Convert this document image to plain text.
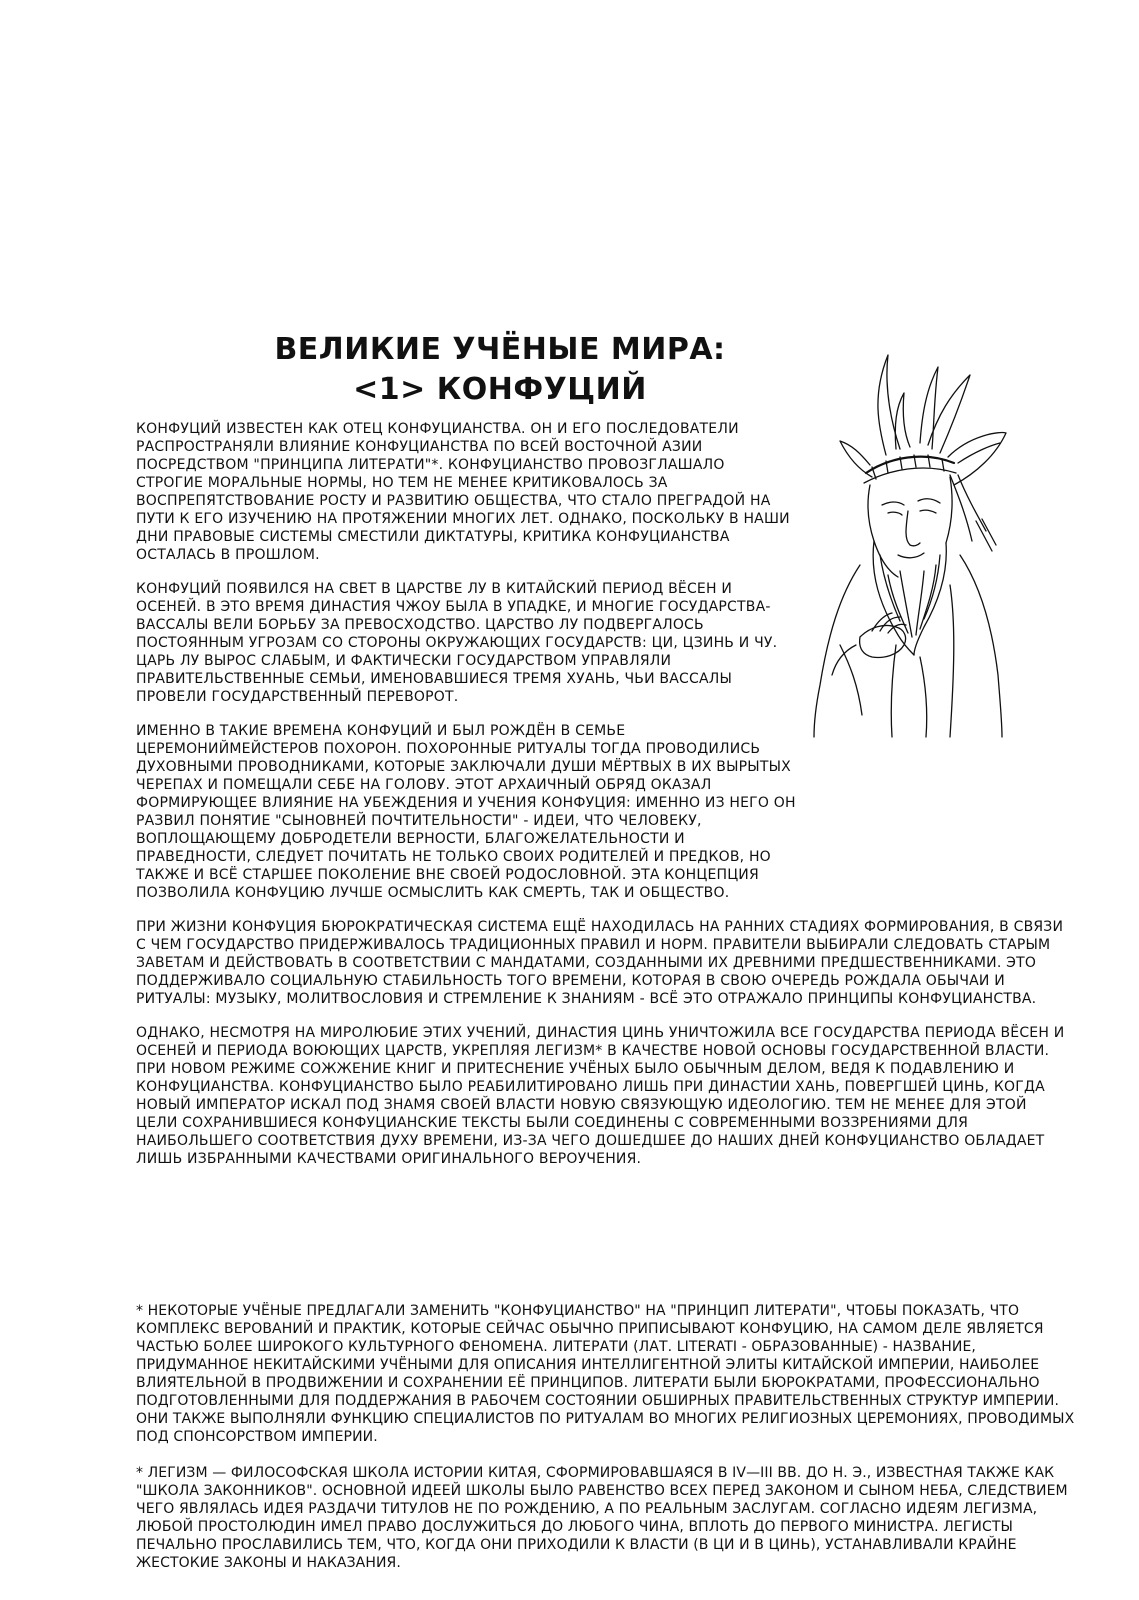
ВЕЛИКИЕ УЧЁНЫЕ МИРА:
<1> КОНФУЦИЙ

КОНФУЦИЙ ИЗВЕСТЕН КАК ОТЕЦ КОНФУЦИАНСТВА. ОН И ЕГО ПОСЛЕДОВАТЕЛИ РАСПРОСТРАНЯЛИ ВЛИЯНИЕ КОНФУЦИАНСТВА ПО ВСЕЙ ВОСТОЧНОЙ АЗИИ ПОСРЕДСТВОМ "ПРИНЦИПА ЛИТЕРАТИ"*. КОНФУЦИАНСТВО ПРОВОЗГЛАШАЛО СТРОГИЕ МОРАЛЬНЫЕ НОРМЫ, НО ТЕМ НЕ МЕНЕЕ КРИТИКОВАЛОСЬ ЗА ВОСПРЕПЯТСТВОВАНИЕ РОСТУ И РАЗВИТИЮ ОБЩЕСТВА, ЧТО СТАЛО ПРЕГРАДОЙ НА ПУТИ К ЕГО ИЗУЧЕНИЮ НА ПРОТЯЖЕНИИ МНОГИХ ЛЕТ. ОДНАКО, ПОСКОЛЬКУ В НАШИ ДНИ ПРАВОВЫЕ СИСТЕМЫ СМЕСТИЛИ ДИКТАТУРЫ, КРИТИКА КОНФУЦИАНСТВА ОСТАЛАСЬ В ПРОШЛОМ.

КОНФУЦИЙ ПОЯВИЛСЯ НА СВЕТ В ЦАРСТВЕ ЛУ В КИТАЙСКИЙ ПЕРИОД ВЁСЕН И ОСЕНЕЙ. В ЭТО ВРЕМЯ ДИНАСТИЯ ЧЖОУ БЫЛА В УПАДКЕ, И МНОГИЕ ГОСУДАРСТВА-ВАССАЛЫ ВЕЛИ БОРЬБУ ЗА ПРЕВОСХОДСТВО. ЦАРСТВО ЛУ ПОДВЕРГАЛОСЬ ПОСТОЯННЫМ УГРОЗАМ СО СТОРОНЫ ОКРУЖАЮЩИХ ГОСУДАРСТВ: ЦИ, ЦЗИНЬ И ЧУ. ЦАРЬ ЛУ ВЫРОС СЛАБЫМ, И ФАКТИЧЕСКИ ГОСУДАРСТВОМ УПРАВЛЯЛИ ПРАВИТЕЛЬСТВЕННЫЕ СЕМЬИ, ИМЕНОВАВШИЕСЯ ТРЕМЯ ХУАНЬ, ЧЬИ ВАССАЛЫ ПРОВЕЛИ ГОСУДАРСТВЕННЫЙ ПЕРЕВОРОТ.

ИМЕННО В ТАКИЕ ВРЕМЕНА КОНФУЦИЙ И БЫЛ РОЖДЁН В СЕМЬЕ ЦЕРЕМОНИЙМЕЙСТЕРОВ ПОХОРОН. ПОХОРОННЫЕ РИТУАЛЫ ТОГДА ПРОВОДИЛИСЬ ДУХОВНЫМИ ПРОВОДНИКАМИ, КОТОРЫЕ ЗАКЛЮЧАЛИ ДУШИ МЁРТВЫХ В ИХ ВЫРЫТЫХ ЧЕРЕПАХ И ПОМЕЩАЛИ СЕБЕ НА ГОЛОВУ. ЭТОТ АРХАИЧНЫЙ ОБРЯД ОКАЗАЛ ФОРМИРУЮЩЕЕ ВЛИЯНИЕ НА УБЕЖДЕНИЯ И УЧЕНИЯ КОНФУЦИЯ: ИМЕННО ИЗ НЕГО ОН РАЗВИЛ ПОНЯТИЕ "СЫНОВНЕЙ ПОЧТИТЕЛЬНОСТИ" - ИДЕИ, ЧТО ЧЕЛОВЕКУ, ВОПЛОЩАЮЩЕМУ ДОБРОДЕТЕЛИ ВЕРНОСТИ, БЛАГОЖЕЛАТЕЛЬНОСТИ И ПРАВЕДНОСТИ, СЛЕДУЕТ ПОЧИТАТЬ НЕ ТОЛЬКО СВОИХ РОДИТЕЛЕЙ И ПРЕДКОВ, НО ТАКЖЕ И ВСЁ СТАРШЕЕ ПОКОЛЕНИЕ ВНЕ СВОЕЙ РОДОСЛОВНОЙ. ЭТА КОНЦЕПЦИЯ ПОЗВОЛИЛА КОНФУЦИЮ ЛУЧШЕ ОСМЫСЛИТЬ КАК СМЕРТЬ, ТАК И ОБЩЕСТВО.

ПРИ ЖИЗНИ КОНФУЦИЯ БЮРОКРАТИЧЕСКАЯ СИСТЕМА ЕЩЁ НАХОДИЛАСЬ НА РАННИХ СТАДИЯХ ФОРМИРОВАНИЯ, В СВЯЗИ С ЧЕМ ГОСУДАРСТВО ПРИДЕРЖИВАЛОСЬ ТРАДИЦИОННЫХ ПРАВИЛ И НОРМ. ПРАВИТЕЛИ ВЫБИРАЛИ СЛЕДОВАТЬ СТАРЫМ ЗАВЕТАМ И ДЕЙСТВОВАТЬ В СООТВЕТСТВИИ С МАНДАТАМИ, СОЗДАННЫМИ ИХ ДРЕВНИМИ ПРЕДШЕСТВЕННИКАМИ. ЭТО ПОДДЕРЖИВАЛО СОЦИАЛЬНУЮ СТАБИЛЬНОСТЬ ТОГО ВРЕМЕНИ, КОТОРАЯ В СВОЮ ОЧЕРЕДЬ РОЖДАЛА ОБЫЧАИ И РИТУАЛЫ: МУЗЫКУ, МОЛИТВОСЛОВИЯ И СТРЕМЛЕНИЕ К ЗНАНИЯМ - ВСЁ ЭТО ОТРАЖАЛО ПРИНЦИПЫ КОНФУЦИАНСТВА.

ОДНАКО, НЕСМОТРЯ НА МИРОЛЮБИЕ ЭТИХ УЧЕНИЙ, ДИНАСТИЯ ЦИНЬ УНИЧТОЖИЛА ВСЕ ГОСУДАРСТВА ПЕРИОДА ВЁСЕН И ОСЕНЕЙ И ПЕРИОДА ВОЮЮЩИХ ЦАРСТВ, УКРЕПЛЯЯ ЛЕГИЗМ* В КАЧЕСТВЕ НОВОЙ ОСНОВЫ ГОСУДАРСТВЕННОЙ ВЛАСТИ. ПРИ НОВОМ РЕЖИМЕ СОЖЖЕНИЕ КНИГ И ПРИТЕСНЕНИЕ УЧЁНЫХ БЫЛО ОБЫЧНЫМ ДЕЛОМ, ВЕДЯ К ПОДАВЛЕНИЮ И КОНФУЦИАНСТВА. КОНФУЦИАНСТВО БЫЛО РЕАБИЛИТИРОВАНО ЛИШЬ ПРИ ДИНАСТИИ ХАНЬ, ПОВЕРГШЕЙ ЦИНЬ, КОГДА НОВЫЙ ИМПЕРАТОР ИСКАЛ ПОД ЗНАМЯ СВОЕЙ ВЛАСТИ НОВУЮ СВЯЗУЮЩУЮ ИДЕОЛОГИЮ. ТЕМ НЕ МЕНЕЕ ДЛЯ ЭТОЙ ЦЕЛИ СОХРАНИВШИЕСЯ КОНФУЦИАНСКИЕ ТЕКСТЫ БЫЛИ СОЕДИНЕНЫ С СОВРЕМЕННЫМИ ВОЗЗРЕНИЯМИ ДЛЯ НАИБОЛЬШЕГО СООТВЕТСТВИЯ ДУХУ ВРЕМЕНИ, ИЗ-ЗА ЧЕГО ДОШЕДШЕЕ ДО НАШИХ ДНЕЙ КОНФУЦИАНСТВО ОБЛАДАЕТ ЛИШЬ ИЗБРАННЫМИ КАЧЕСТВАМИ ОРИГИНАЛЬНОГО ВЕРОУЧЕНИЯ.

* НЕКОТОРЫЕ УЧЁНЫЕ ПРЕДЛАГАЛИ ЗАМЕНИТЬ "КОНФУЦИАНСТВО" НА "ПРИНЦИП ЛИТЕРАТИ", ЧТОБЫ ПОКАЗАТЬ, ЧТО КОМПЛЕКС ВЕРОВАНИЙ И ПРАКТИК, КОТОРЫЕ СЕЙЧАС ОБЫЧНО ПРИПИСЫВАЮТ КОНФУЦИЮ, НА САМОМ ДЕЛЕ ЯВЛЯЕТСЯ ЧАСТЬЮ БОЛЕЕ ШИРОКОГО КУЛЬТУРНОГО ФЕНОМЕНА. ЛИТЕРАТИ (ЛАТ. LITERATI - ОБРАЗОВАННЫЕ) - НАЗВАНИЕ, ПРИДУМАННОЕ НЕКИТАЙСКИМИ УЧЁНЫМИ ДЛЯ ОПИСАНИЯ ИНТЕЛЛИГЕНТНОЙ ЭЛИТЫ КИТАЙСКОЙ ИМПЕРИИ, НАИБОЛЕЕ ВЛИЯТЕЛЬНОЙ В ПРОДВИЖЕНИИ И СОХРАНЕНИИ ЕЁ ПРИНЦИПОВ. ЛИТЕРАТИ БЫЛИ БЮРОКРАТАМИ, ПРОФЕССИОНАЛЬНО ПОДГОТОВЛЕННЫМИ ДЛЯ ПОДДЕРЖАНИЯ В РАБОЧЕМ СОСТОЯНИИ ОБШИРНЫХ ПРАВИТЕЛЬСТВЕННЫХ СТРУКТУР ИМПЕРИИ. ОНИ ТАКЖЕ ВЫПОЛНЯЛИ ФУНКЦИЮ СПЕЦИАЛИСТОВ ПО РИТУАЛАМ ВО МНОГИХ РЕЛИГИОЗНЫХ ЦЕРЕМОНИЯХ, ПРОВОДИМЫХ ПОД СПОНСОРСТВОМ ИМПЕРИИ.

* ЛЕГИЗМ — ФИЛОСОФСКАЯ ШКОЛА ИСТОРИИ КИТАЯ, СФОРМИРОВАВШАЯСЯ В IV—III ВВ. ДО Н. Э., ИЗВЕСТНАЯ ТАКЖЕ КАК "ШКОЛА ЗАКОННИКОВ". ОСНОВНОЙ ИДЕЕЙ ШКОЛЫ БЫЛО РАВЕНСТВО ВСЕХ ПЕРЕД ЗАКОНОМ И СЫНОМ НЕБА, СЛЕДСТВИЕМ ЧЕГО ЯВЛЯЛАСЬ ИДЕЯ РАЗДАЧИ ТИТУЛОВ НЕ ПО РОЖДЕНИЮ, А ПО РЕАЛЬНЫМ ЗАСЛУГАМ. СОГЛАСНО ИДЕЯМ ЛЕГИЗМА, ЛЮБОЙ ПРОСТОЛЮДИН ИМЕЛ ПРАВО ДОСЛУЖИТЬСЯ ДО ЛЮБОГО ЧИНА, ВПЛОТЬ ДО ПЕРВОГО МИНИСТРА. ЛЕГИСТЫ ПЕЧАЛЬНО ПРОСЛАВИЛИСЬ ТЕМ, ЧТО, КОГДА ОНИ ПРИХОДИЛИ К ВЛАСТИ (В ЦИ И В ЦИНЬ), УСТАНАВЛИВАЛИ КРАЙНЕ ЖЕСТОКИЕ ЗАКОНЫ И НАКАЗАНИЯ.
